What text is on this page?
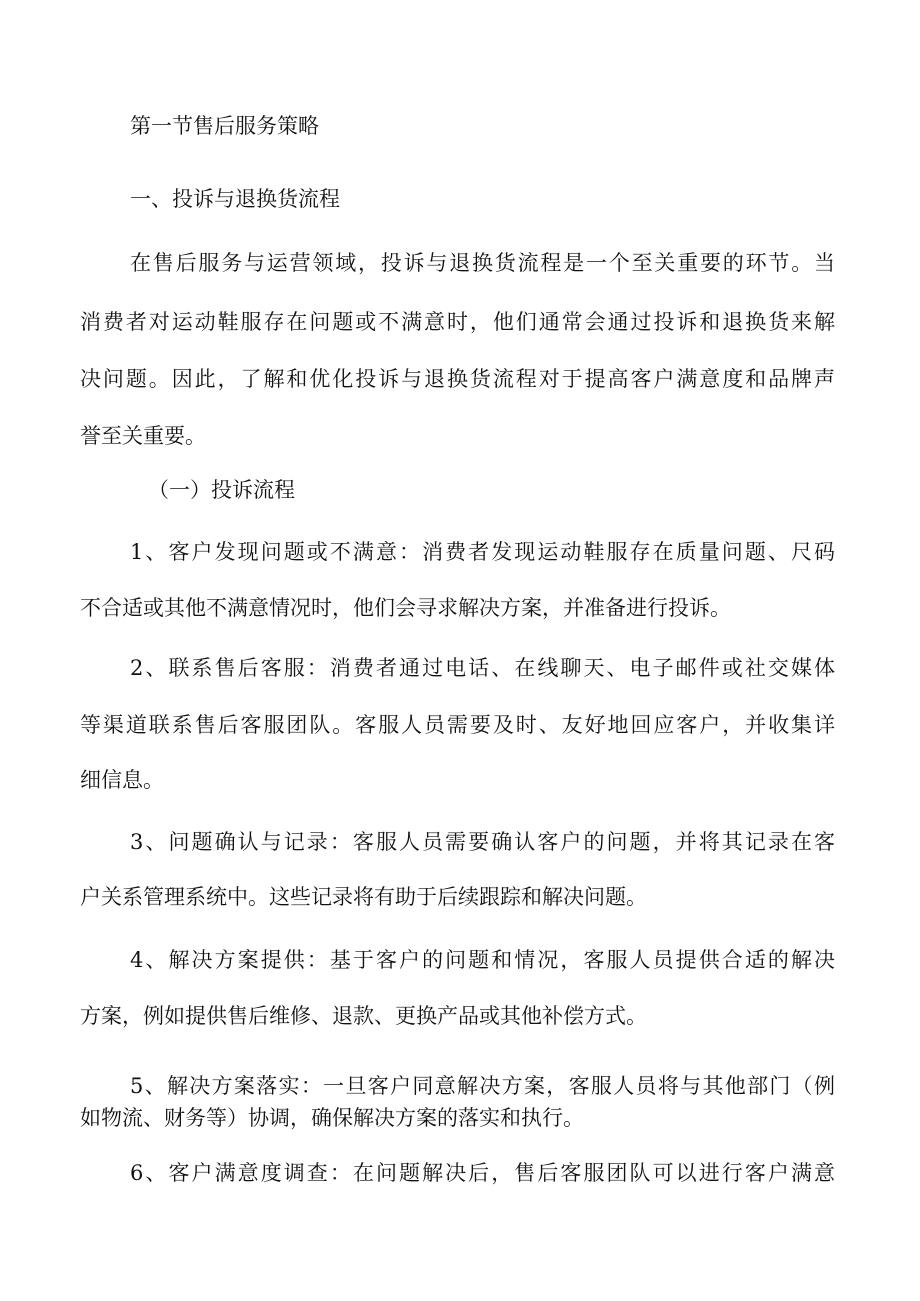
第一节售后服务策略
一、投诉与退换货流程
在售后服务与运营领域，投诉与退换货流程是一个至关重要的环节。当
消费者对运动鞋服存在问题或不满意时，他们通常会通过投诉和退换货来解
决问题。因此，了解和优化投诉与退换货流程对于提高客户满意度和品牌声
誉至关重要。
（一）投诉流程
1、客户发现问题或不满意：消费者发现运动鞋服存在质量问题、尺码
不合适或其他不满意情况时，他们会寻求解决方案，并准备进行投诉。
2、联系售后客服：消费者通过电话、在线聊天、电子邮件或社交媒体
等渠道联系售后客服团队。客服人员需要及时、友好地回应客户，并收集详
细信息。
3、问题确认与记录：客服人员需要确认客户的问题，并将其记录在客
户关系管理系统中。这些记录将有助于后续跟踪和解决问题。
4、解决方案提供：基于客户的问题和情况，客服人员提供合适的解决
方案，例如提供售后维修、退款、更换产品或其他补偿方式。
5、解决方案落实：一旦客户同意解决方案，客服人员将与其他部门（例
如物流、财务等）协调，确保解决方案的落实和执行。
6、客户满意度调查：在问题解决后，售后客服团队可以进行客户满意
